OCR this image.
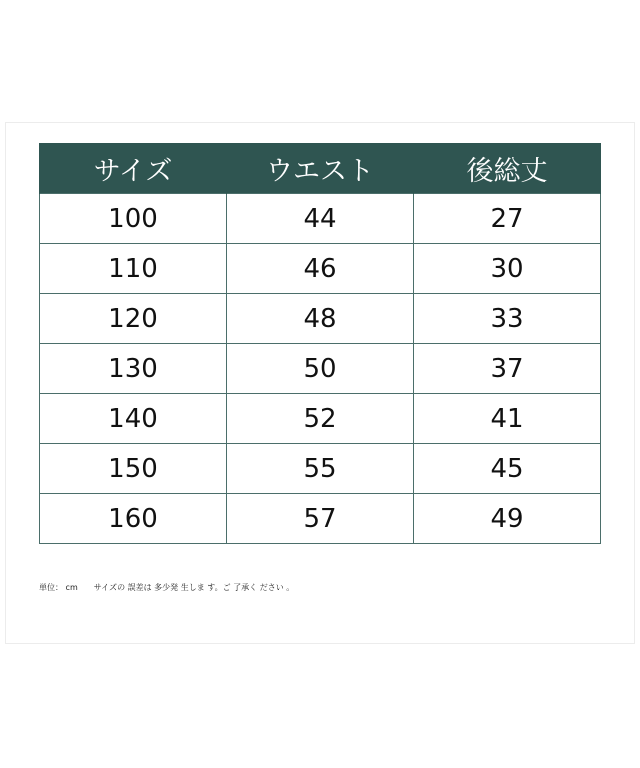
サイズ	ウエスト	後総丈
100	44	27
110	46	30
120	48	33
130	50	37
140	52	41
150	55	45
160	57	49
単位： cm　　サイズの 誤差は 多少発 生しま す。ご 了承く ださい 。
